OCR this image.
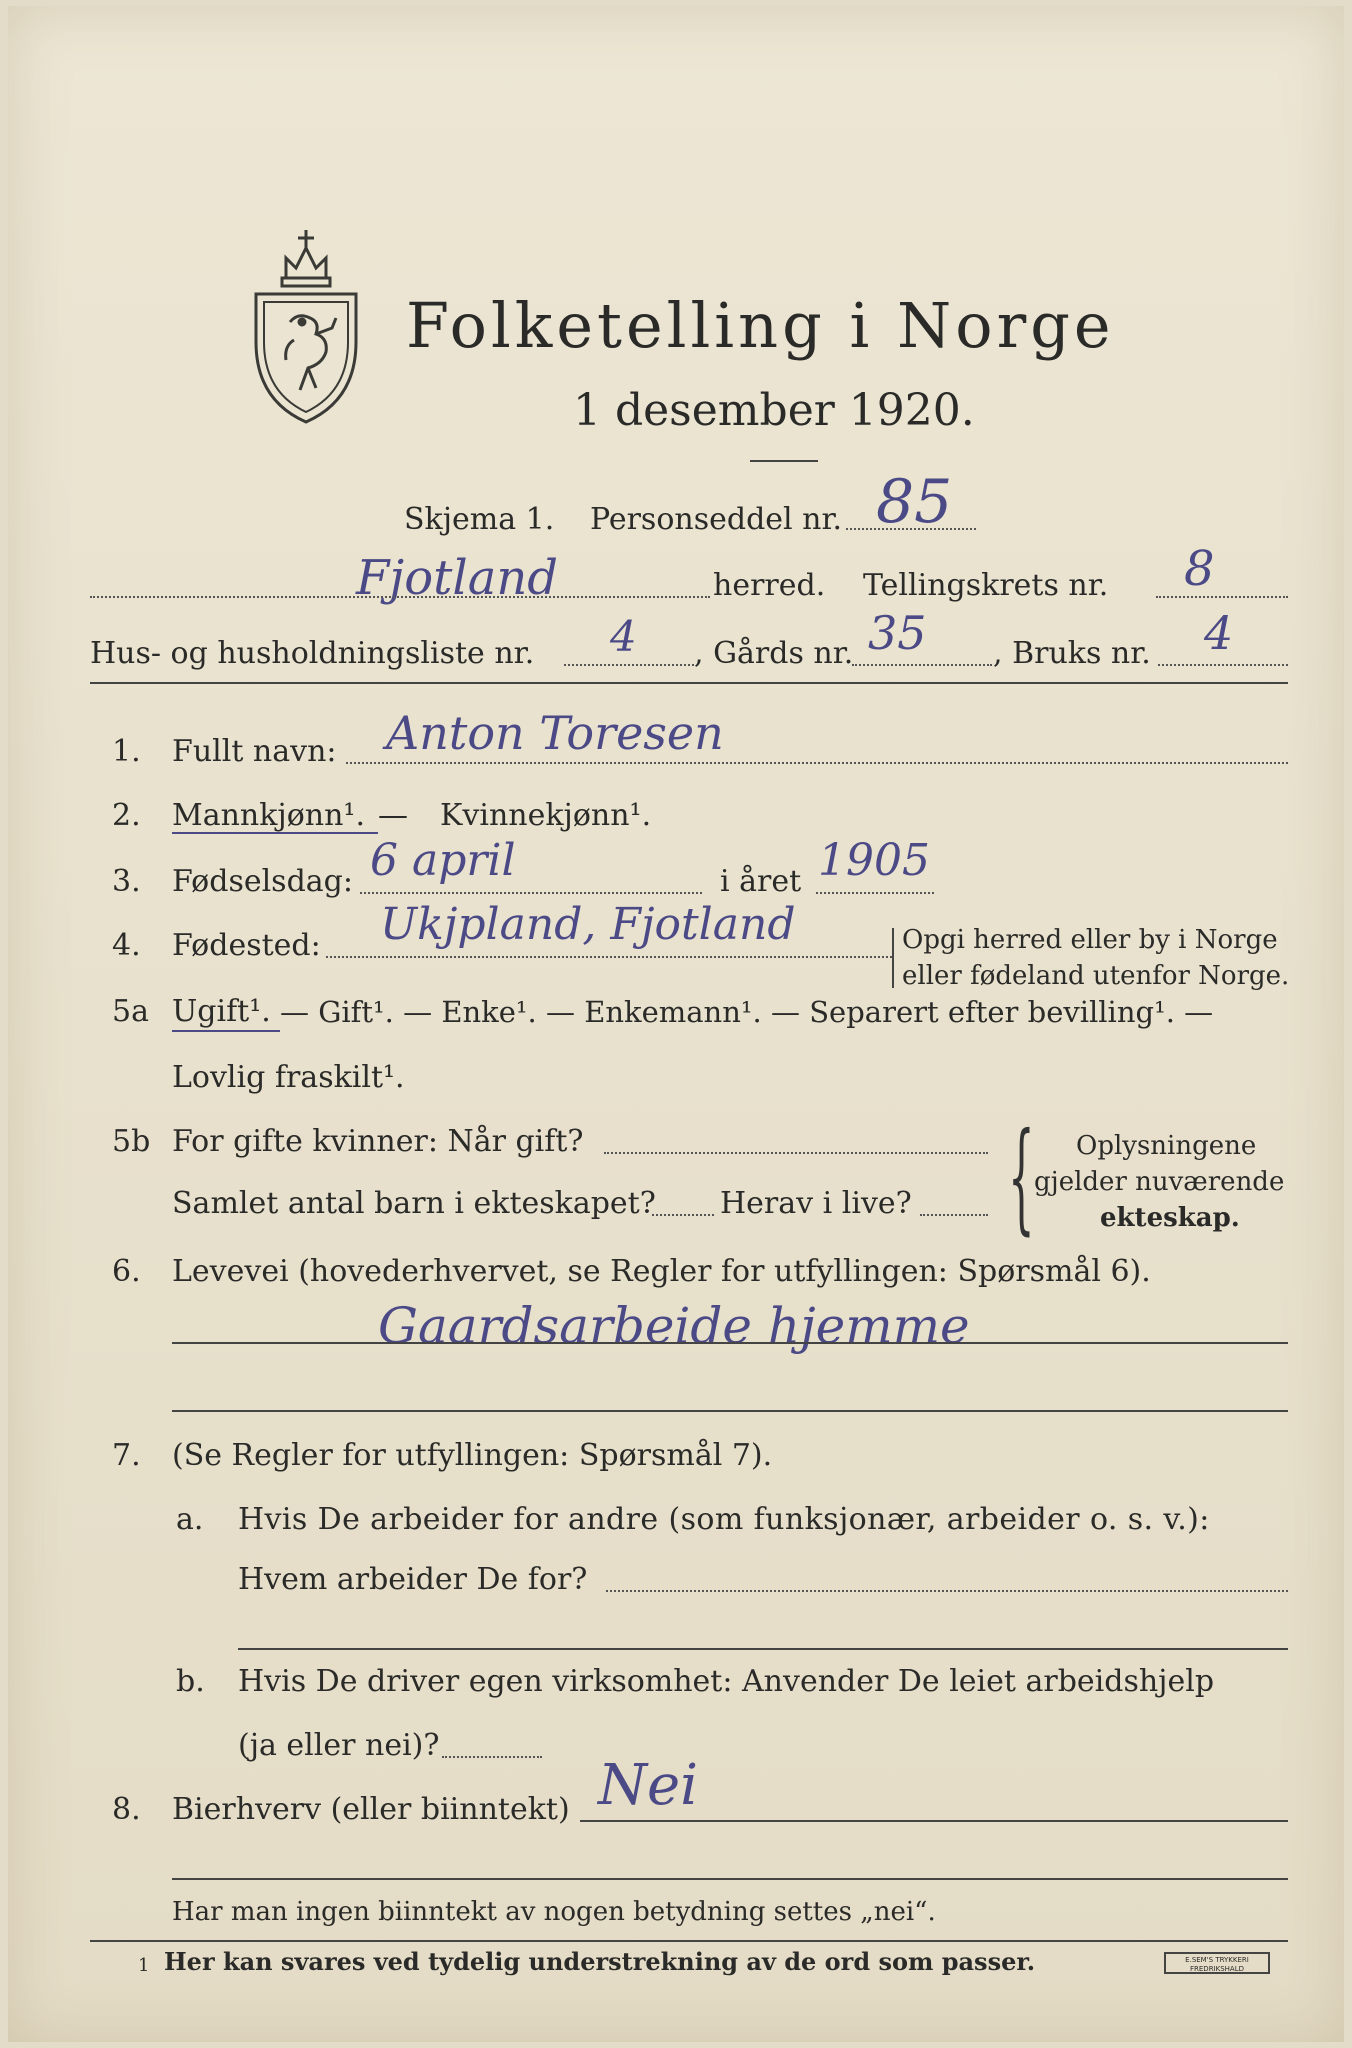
Folketelling i Norge
1 desember 1920.
Skjema 1. Personseddel nr. 85
Fjotland	herred. Tellingskrets nr. 8
Hus- og husholdningsliste nr. 4 , Gårds nr. 35 , Bruks nr. 4
1. Fullt navn: Anton Toresen
2. Mannkjønn¹. — Kvinnekjønn¹.
3. Fødselsdag: 6 april	i året 1905
4. Fødested: Ukjpland, Fjotland	Opgi herred eller by i Norge
eller fødeland utenfor Norge.
5a Ugift¹. — Gift¹. — Enke¹. — Enkemann¹. — Separert efter bevilling¹. —
Lovlig fraskilt¹.
5b For gifte kvinner: Når gift?
Samlet antal barn i ekteskapet? Herav i live?
Oplysningene
gjelder nuværende
ekteskap.
{
6. Levevei (hovederhvervet, se Regler for utfyllingen: Spørsmål 6).
Gaardsarbeide hjemme
7. (Se Regler for utfyllingen: Spørsmål 7).
a. Hvis De arbeider for andre (som funksjonær, arbeider o. s. v.):
Hvem arbeider De for?
b. Hvis De driver egen virksomhet: Anvender De leiet arbeidshjelp
(ja eller nei)?
8. Bierhverv (eller biinntekt) Nei
Har man ingen biinntekt av nogen betydning settes „nei“.
1 Her kan svares ved tydelig understrekning av de ord som passer.	E.SEM'S TRYKKERI FREDRIKSHALD
